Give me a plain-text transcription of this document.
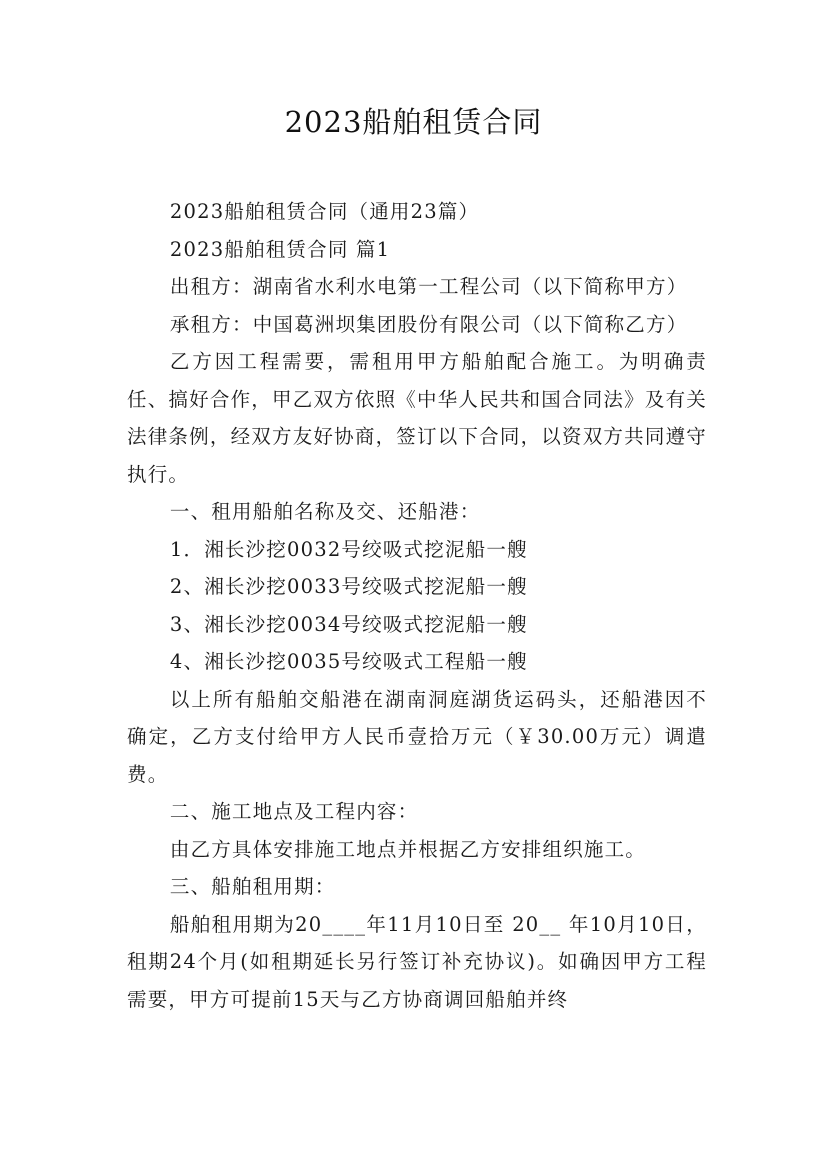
2023船舶租赁合同

2023船舶租赁合同（通用23篇）

2023船舶租赁合同 篇1

出租方：湖南省水利水电第一工程公司（以下简称甲方）

承租方：中国葛洲坝集团股份有限公司（以下简称乙方）

乙方因工程需要，需租用甲方船舶配合施工。为明确责任、搞好合作，甲乙双方依照《中华人民共和国合同法》及有关法律条例，经双方友好协商，签订以下合同，以资双方共同遵守执行。

一、租用船舶名称及交、还船港：

1．湘长沙挖0032号绞吸式挖泥船一艘

2、湘长沙挖0033号绞吸式挖泥船一艘

3、湘长沙挖0034号绞吸式挖泥船一艘

4、湘长沙挖0035号绞吸式工程船一艘

以上所有船舶交船港在湖南洞庭湖货运码头，还船港因不确定，乙方支付给甲方人民币壹拾万元（￥30.00万元）调遣费。

二、施工地点及工程内容：

由乙方具体安排施工地点并根据乙方安排组织施工。

三、船舶租用期：

船舶租用期为20____年11月10日至 20__ 年10月10日，租期24个月(如租期延长另行签订补充协议)。如确因甲方工程需要，甲方可提前15天与乙方协商调回船舶并终
